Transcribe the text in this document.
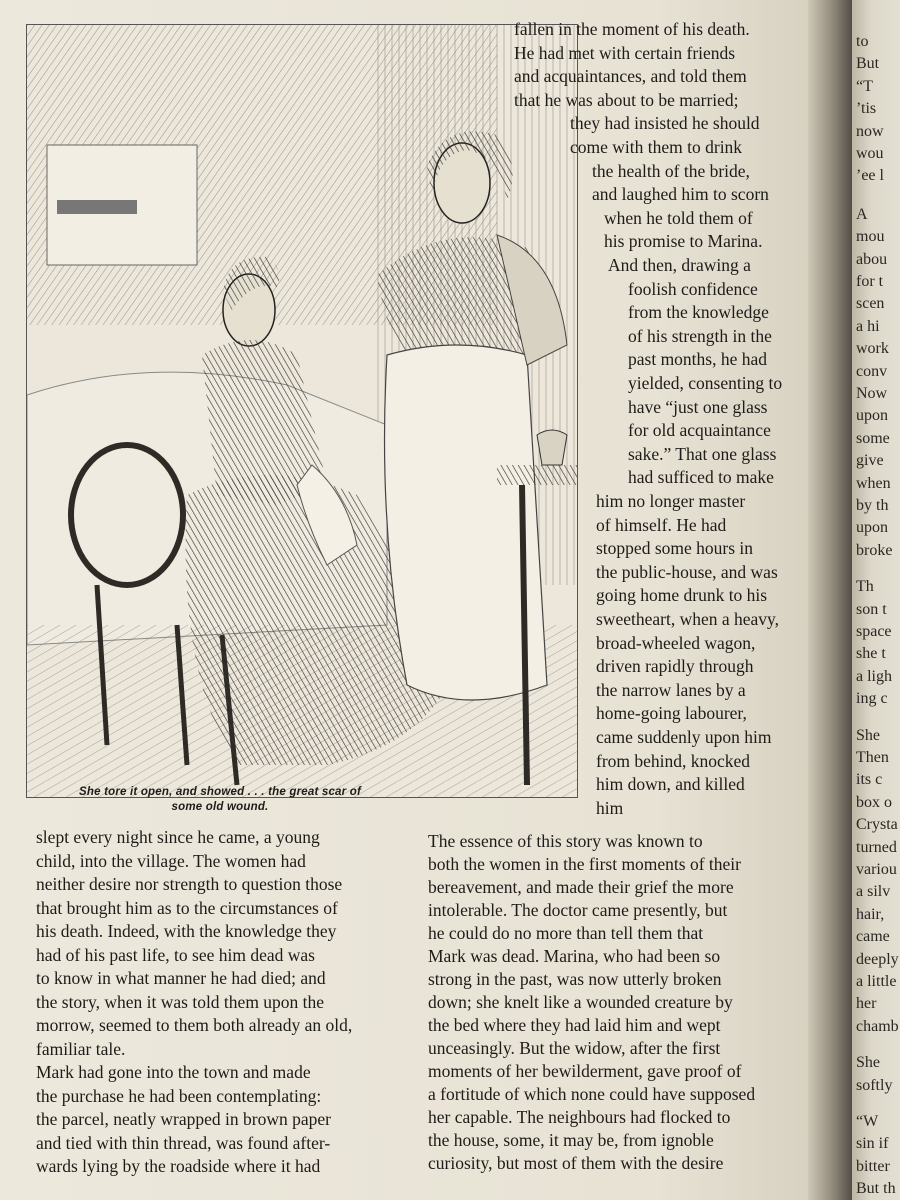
She tore it open, and showed . . . the great scar of
some old wound.
fallen in the moment of his death.
He had met with certain friends
and acquaintances, and told them
that he was about to be married;
they had insisted he should
come with them to drink
the health of the bride,
and laughed him to scorn
when he told them of
his promise to Marina.
And then, drawing a
foolish confidence
from the knowledge
of his strength in the
past months, he had
yielded, consenting to
have “just one glass
for old acquaintance
sake.” That one glass
had sufficed to make
him no longer master
of himself. He had
stopped some hours in
the public-house, and was
going home drunk to his
sweetheart, when a heavy,
broad-wheeled wagon,
driven rapidly through
the narrow lanes by a
home-going labourer,
came suddenly upon him
from behind, knocked
him down, and killed
him
slept every night since he came, a young
child, into the village. The women had
neither desire nor strength to question those
that brought him as to the circumstances of
his death. Indeed, with the knowledge they
had of his past life, to see him dead was
to know in what manner he had died; and
the story, when it was told them upon the
morrow, seemed to them both already an old,
familiar tale.
Mark had gone into the town and made
the purchase he had been contemplating:
the parcel, neatly wrapped in brown paper
and tied with thin thread, was found after-
wards lying by the roadside where it had
The essence of this story was known to
both the women in the first moments of their
bereavement, and made their grief the more
intolerable. The doctor came presently, but
he could do no more than tell them that
Mark was dead. Marina, who had been so
strong in the past, was now utterly broken
down; she knelt like a wounded creature by
the bed where they had laid him and wept
unceasingly. But the widow, after the first
moments of her bewilderment, gave proof of
a fortitude of which none could have supposed
her capable. The neighbours had flocked to
the house, some, it may be, from ignoble
curiosity, but most of them with the desire
to
But
“T
’tis
now
wou
’ee l
A
mou
abou
for t
scen
a hi
work
conv
Now
upon
some
give
when
by th
upon
broke
Th
son t
space
she t
a ligh
ing c
She
Then
its c
box o
Crysta
turned
variou
a silv
hair,
came
deeply
a little
her
chamb
She
softly
“W
sin if
bitter
But th
